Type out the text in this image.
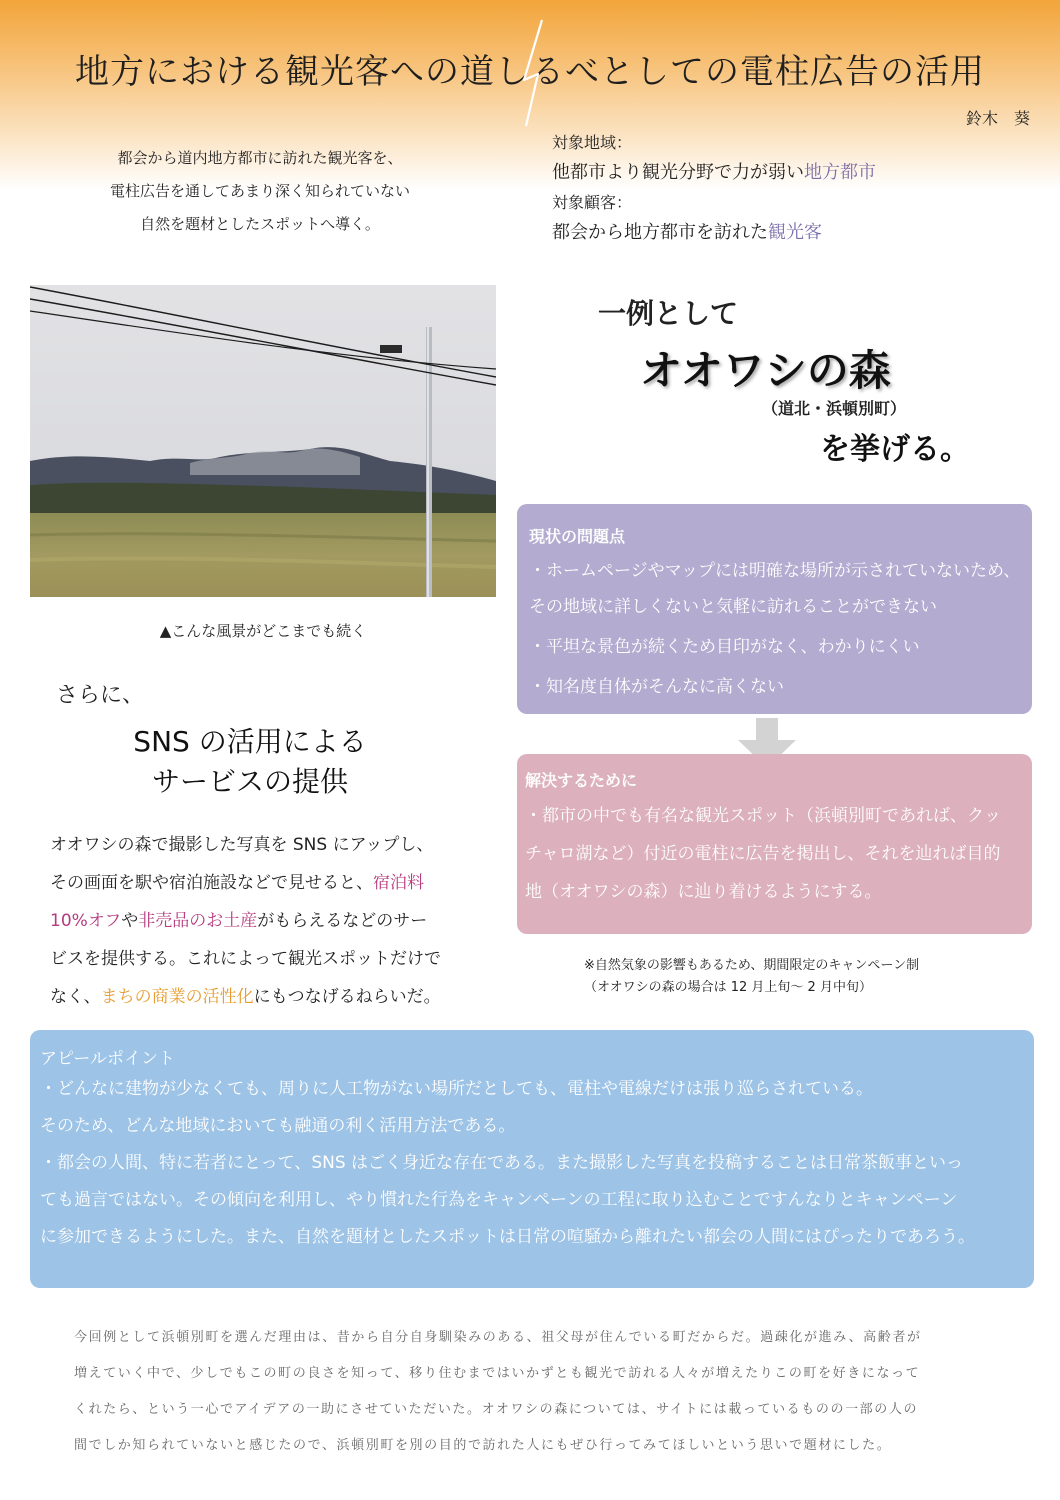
地方における観光客への道しるべとしての電柱広告の活用
鈴木　葵
都会から道内地方都市に訪れた観光客を、
電柱広告を通してあまり深く知られていない
自然を題材としたスポットへ導く。
対象地域：
他都市より観光分野で力が弱い地方都市
対象顧客：
都会から地方都市を訪れた観光客
▲こんな風景がどこまでも続く
一例として
オオワシの森
（道北・浜頓別町）
を挙げる。
現状の問題点
・ホームページやマップには明確な場所が示されていないため、
その地域に詳しくないと気軽に訪れることができない
・平坦な景色が続くため目印がなく、わかりにくい
・知名度自体がそんなに高くない
解決するために
・都市の中でも有名な観光スポット（浜頓別町であれば、クッ
チャロ湖など）付近の電柱に広告を掲出し、それを辿れば目的
地（オオワシの森）に辿り着けるようにする。
※自然気象の影響もあるため、期間限定のキャンペーン制
（オオワシの森の場合は 12 月上旬～ 2 月中旬）
さらに、
SNS の活用による
サービスの提供
オオワシの森で撮影した写真を SNS にアップし、
その画面を駅や宿泊施設などで見せると、宿泊料
10%オフや非売品のお土産がもらえるなどのサー
ビスを提供する。これによって観光スポットだけで
なく、まちの商業の活性化にもつなげるねらいだ。
アピールポイント
・どんなに建物が少なくても、周りに人工物がない場所だとしても、電柱や電線だけは張り巡らされている。
そのため、どんな地域においても融通の利く活用方法である。
・都会の人間、特に若者にとって、SNS はごく身近な存在である。また撮影した写真を投稿することは日常茶飯事といっ
ても過言ではない。その傾向を利用し、やり慣れた行為をキャンペーンの工程に取り込むことですんなりとキャンペーン
に参加できるようにした。また、自然を題材としたスポットは日常の喧騒から離れたい都会の人間にはぴったりであろう。
今回例として浜頓別町を選んだ理由は、昔から自分自身馴染みのある、祖父母が住んでいる町だからだ。過疎化が進み、高齢者が
増えていく中で、少しでもこの町の良さを知って、移り住むまではいかずとも観光で訪れる人々が増えたりこの町を好きになって
くれたら、という一心でアイデアの一助にさせていただいた。オオワシの森については、サイトには載っているものの一部の人の
間でしか知られていないと感じたので、浜頓別町を別の目的で訪れた人にもぜひ行ってみてほしいという思いで題材にした。
